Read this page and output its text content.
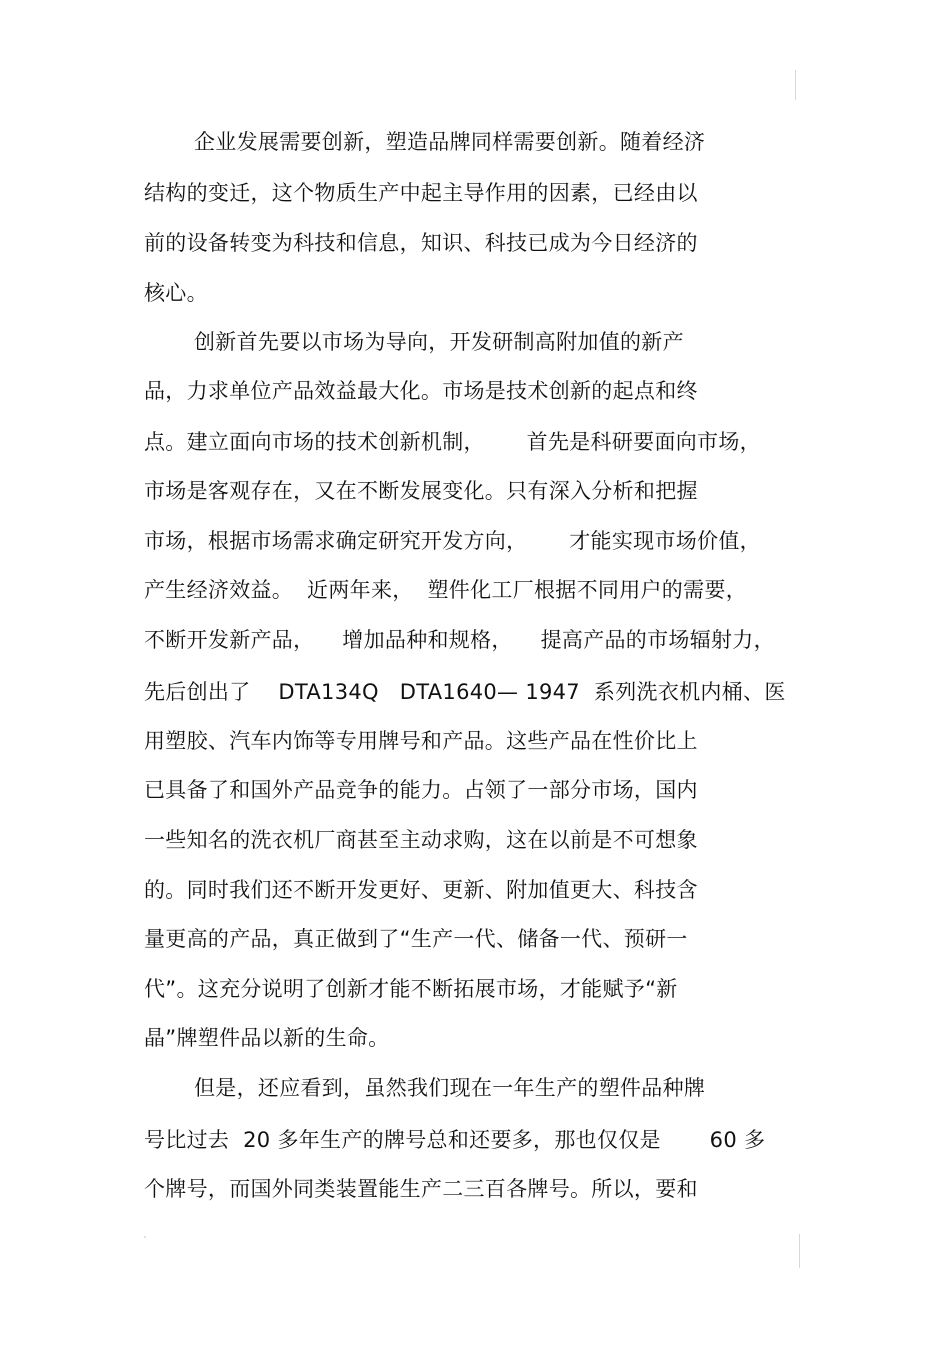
企业发展需要创新，塑造品牌同样需要创新。随着经济

结构的变迁，这个物质生产中起主导作用的因素，已经由以

前的设备转变为科技和信息，知识、科技已成为今日经济的

核心。

创新首先要以市场为导向，开发研制高附加值的新产

品，力求单位产品效益最大化。市场是技术创新的起点和终

点。建立面向市场的技术创新机制，      首先是科研要面向市场，

市场是客观存在，又在不断发展变化。只有深入分析和把握

市场，根据市场需求确定研究开发方向，      才能实现市场价值，

产生经济效益。  近两年来，  塑件化工厂根据不同用户的需要，

不断开发新产品，    增加品种和规格，    提高产品的市场辐射力，

先后创出了    DTA134Q   DTA1640— 1947  系列洗衣机内桶、医

用塑胶、汽车内饰等专用牌号和产品。这些产品在性价比上

已具备了和国外产品竞争的能力。占领了一部分市场，国内

一些知名的洗衣机厂商甚至主动求购，这在以前是不可想象

的。同时我们还不断开发更好、更新、附加值更大、科技含

量更高的产品，真正做到了“生产一代、储备一代、预研一

代”。这充分说明了创新才能不断拓展市场，才能赋予“新

晶”牌塑件品以新的生命。

但是，还应看到，虽然我们现在一年生产的塑件品种牌

号比过去  20 多年生产的牌号总和还要多，那也仅仅是       60 多

个牌号，而国外同类装置能生产二三百各牌号。所以，要和
